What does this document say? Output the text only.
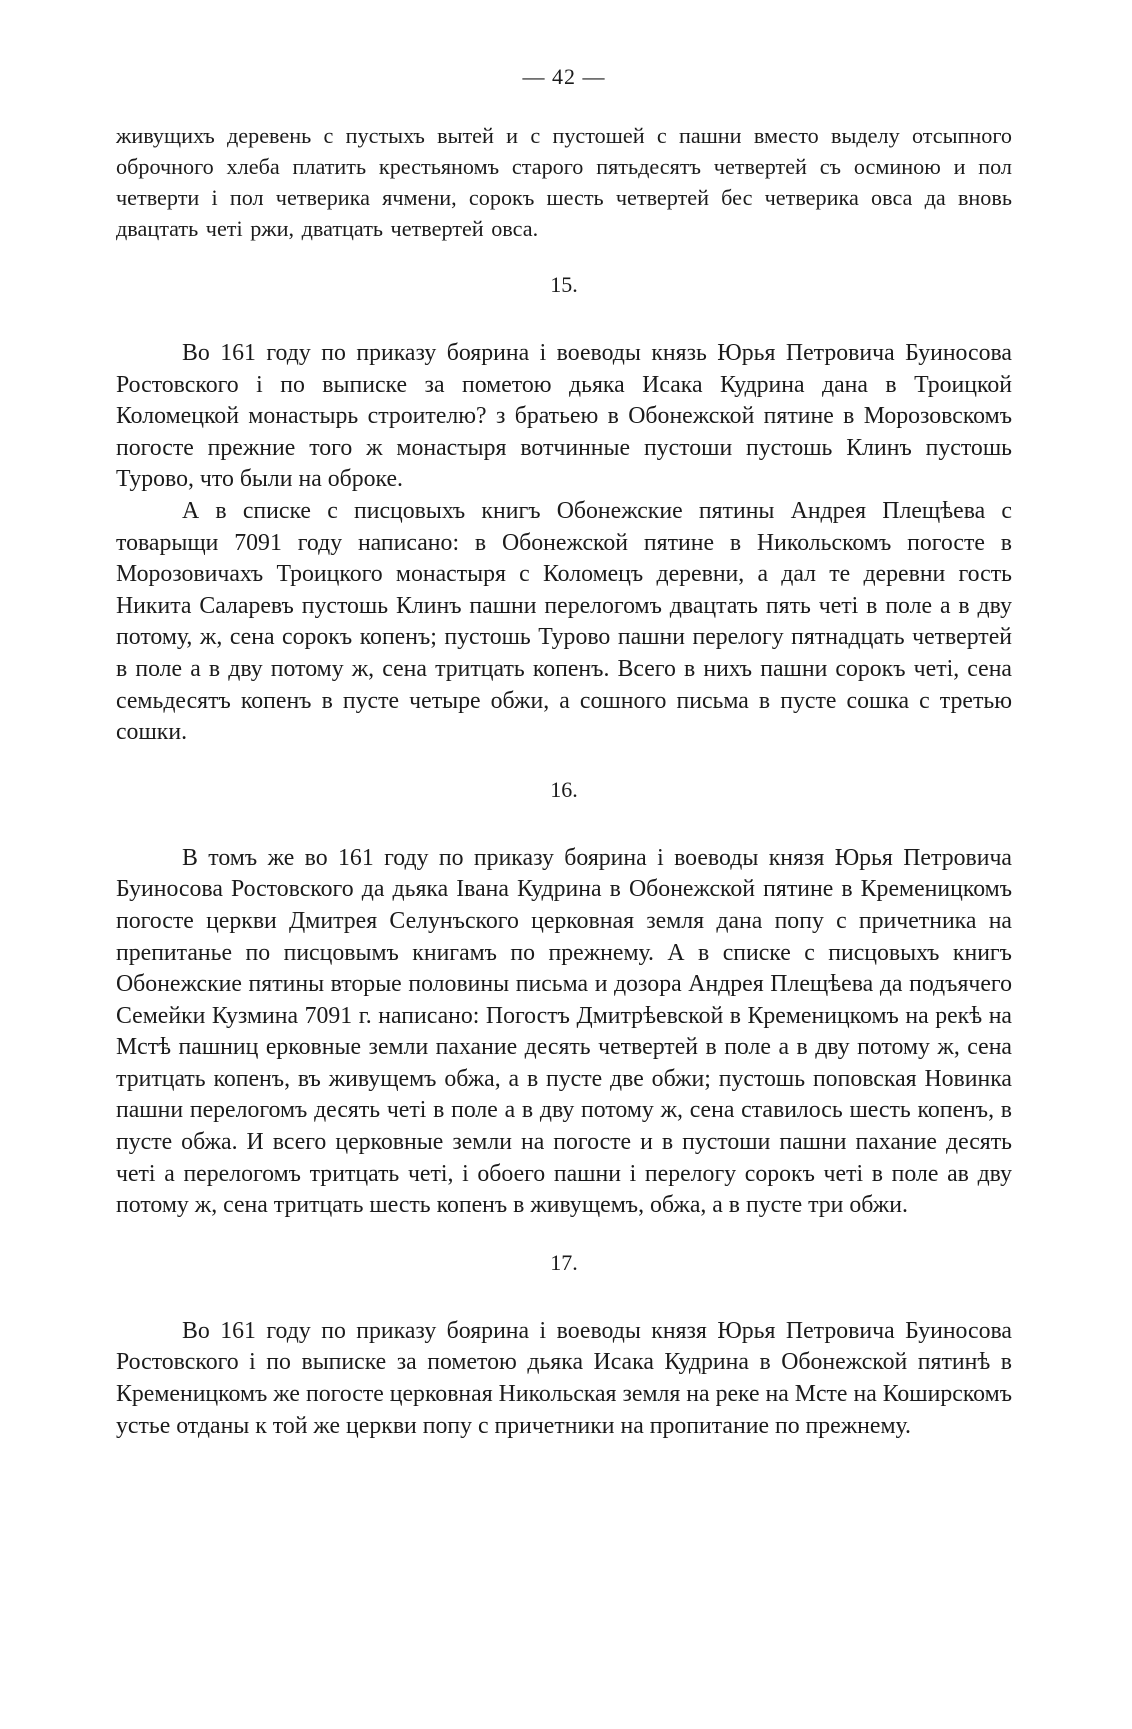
— 42 —

живущихъ деревень с пустыхъ вытей и с пустошей с пашни вместо выделу отсыпного оброчного хлеба платить крестьяномъ старого пятьдесятъ четвертей съ осминою и пол четверти і пол четверика ячмени, сорокъ шесть четвертей бес четверика овса да вновь двацтать четі ржи, дватцать четвертей овса.

15.

Во 161 году по приказу боярина і воеводы князь Юрья Петровича Буиносова Ростовского і по выписке за пометою дьяка Исака Кудрина дана в Троицкой Коломецкой монастырь строителю? з братьею в Обонежской пятине в Морозовскомъ погосте прежние того ж монастыря вотчинные пустоши пустошь Клинъ пустошь Турово, что были на оброке.

А в списке с писцовыхъ книгъ Обонежские пятины Андрея Плещѣева с товарыщи 7091 году написано: в Обонежской пятине в Никольскомъ погосте в Морозовичахъ Троицкого монастыря с Коломецъ деревни, а дал те деревни гость Никита Саларевъ пустошь Клинъ пашни перелогомъ двацтать пять четі в поле а в дву потому, ж, сена сорокъ копенъ; пустошь Турово пашни перелогу пятнадцать четвертей в поле а в дву потому ж, сена тритцать копенъ. Всего в нихъ пашни сорокъ четі, сена семьдесятъ копенъ в пусте четыре обжи, а сошного письма в пусте сошка с третью сошки.

16.

В томъ же во 161 году по приказу боярина і воеводы князя Юрья Петровича Буиносова Ростовского да дьяка Івана Кудрина в Обонежской пятине в Кременицкомъ погосте церкви Дмитрея Селунъского церковная земля дана попу с причетника на препитанье по писцовымъ книгамъ по прежнему. А в списке с писцовыхъ книгъ Обонежские пятины вторые половины письма и дозора Андрея Плещѣева да подъячего Семейки Кузмина 7091 г. написано: Погостъ Дмитрѣевской в Кременицкомъ на рекѣ на Мстѣ пашниц ерковные земли пахание десять четвертей в поле а в дву потому ж, сена тритцать копенъ, въ живущемъ обжа, а в пусте две обжи; пустошь поповская Новинка пашни перелогомъ десять четі в поле а в дву потому ж, сена ставилось шесть копенъ, в пусте обжа. И всего церковные земли на погосте и в пустоши пашни пахание десять четі а перелогомъ тритцать четі, і обоего пашни і перелогу сорокъ четі в поле ав дву потому ж, сена тритцать шесть копенъ в живущемъ, обжа, а в пусте три обжи.

17.

Во 161 году по приказу боярина і воеводы князя Юрья Петровича Буиносова Ростовского і по выписке за пометою дьяка Исака Кудрина в Обонежской пятинѣ в Кременицкомъ же погосте церковная Никольская земля на реке на Мсте на Коширскомъ устье отданы к той же церкви попу с причетники на пропитание по прежнему.
